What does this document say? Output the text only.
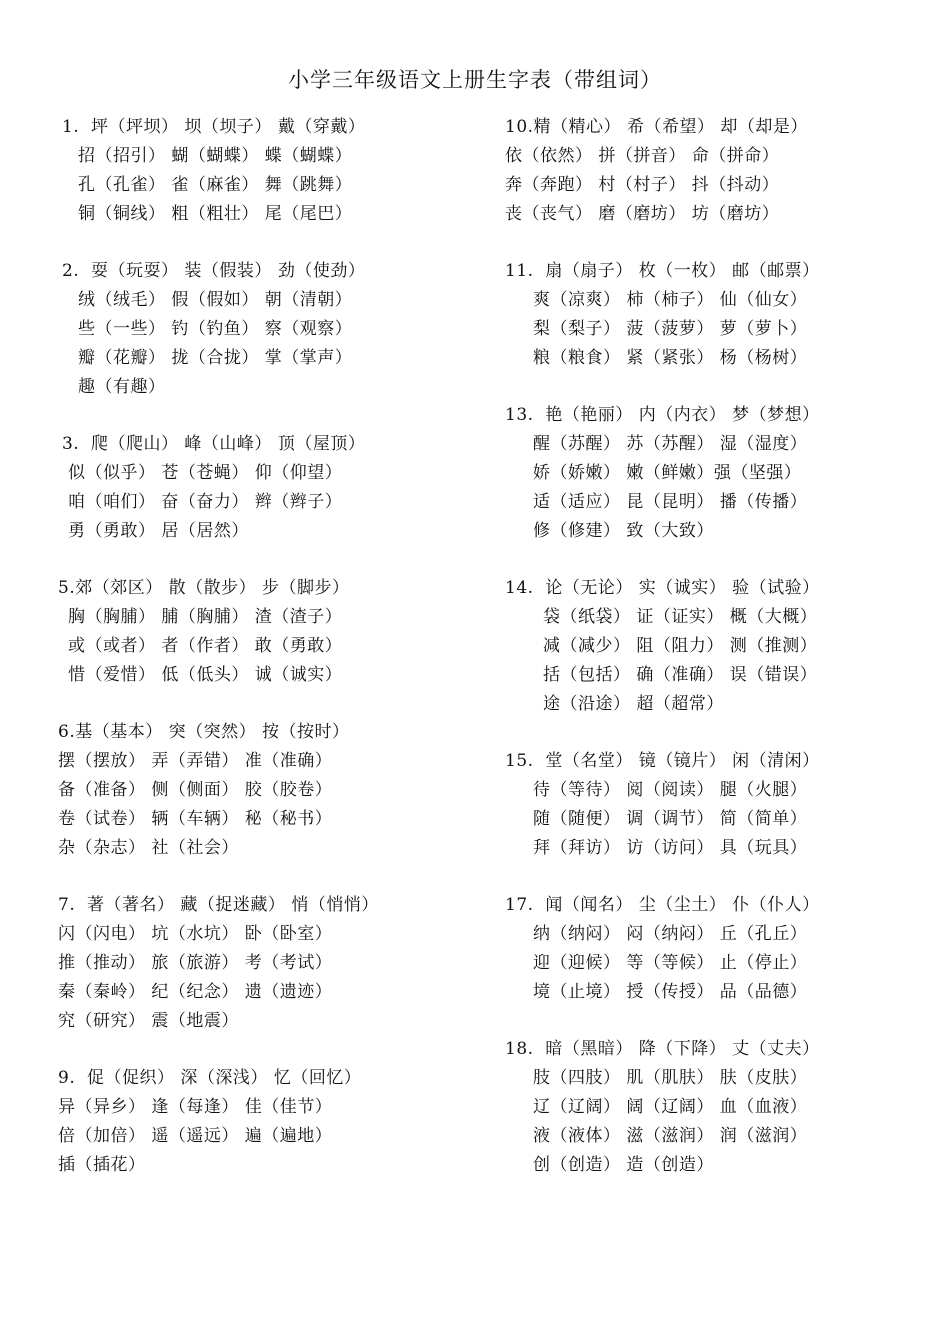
小学三年级语文上册生字表（带组词）
1.  坪（坪坝） 坝（坝子） 戴（穿戴）
招（招引） 蝴（蝴蝶） 蝶（蝴蝶）
孔（孔雀） 雀（麻雀） 舞（跳舞）
铜（铜线） 粗（粗壮） 尾（尾巴）
2.  耍（玩耍） 装（假装） 劲（使劲）
绒（绒毛） 假（假如） 朝（清朝）
些（一些） 钓（钓鱼） 察（观察）
瓣（花瓣） 拢（合拢） 掌（掌声）
趣（有趣）
3.  爬（爬山） 峰（山峰） 顶（屋顶）
似（似乎） 苍（苍蝇） 仰（仰望）
咱（咱们） 奋（奋力） 辫（辫子）
勇（勇敢） 居（居然）
5.郊（郊区） 散（散步） 步（脚步）
胸（胸脯） 脯（胸脯） 渣（渣子）
或（或者） 者（作者） 敢（勇敢）
惜（爱惜） 低（低头） 诚（诚实）
6.基（基本） 突（突然） 按（按时）
摆（摆放） 弄（弄错） 准（准确）
备（准备） 侧（侧面） 胶（胶卷）
卷（试卷） 辆（车辆） 秘（秘书）
杂（杂志） 社（社会）
7.  著（著名） 藏（捉迷藏） 悄（悄悄）
闪（闪电） 坑（水坑） 卧（卧室）
推（推动） 旅（旅游） 考（考试）
秦（秦岭） 纪（纪念） 遗（遗迹）
究（研究） 震（地震）
9.  促（促织） 深（深浅） 忆（回忆）
异（异乡） 逢（每逢） 佳（佳节）
倍（加倍） 遥（遥远） 遍（遍地）
插（插花）
10.精（精心） 希（希望） 却（却是）
依（依然） 拼（拼音） 命（拼命）
奔（奔跑） 村（村子） 抖（抖动）
丧（丧气） 磨（磨坊） 坊（磨坊）
11.  扇（扇子） 枚（一枚） 邮（邮票）
爽（凉爽） 柿（柿子） 仙（仙女）
梨（梨子） 菠（菠萝） 萝（萝卜）
粮（粮食） 紧（紧张） 杨（杨树）
13.  艳（艳丽） 内（内衣） 梦（梦想）
醒（苏醒） 苏（苏醒） 湿（湿度）
娇（娇嫩） 嫩（鲜嫩）强（坚强）
适（适应） 昆（昆明） 播（传播）
修（修建） 致（大致）
14.  论（无论） 实（诚实） 验（试验）
袋（纸袋） 证（证实） 概（大概）
减（减少） 阻（阻力） 测（推测）
括（包括） 确（准确） 误（错误）
途（沿途） 超（超常）
15.  堂（名堂） 镜（镜片） 闲（清闲）
待（等待） 阅（阅读） 腿（火腿）
随（随便） 调（调节） 简（简单）
拜（拜访） 访（访问） 具（玩具）
17.  闻（闻名） 尘（尘土） 仆（仆人）
纳（纳闷） 闷（纳闷） 丘（孔丘）
迎（迎候） 等（等候） 止（停止）
境（止境） 授（传授） 品（品德）
18.  暗（黑暗） 降（下降） 丈（丈夫）
肢（四肢） 肌（肌肤） 肤（皮肤）
辽（辽阔） 阔（辽阔） 血（血液）
液（液体） 滋（滋润） 润（滋润）
创（创造） 造（创造）
